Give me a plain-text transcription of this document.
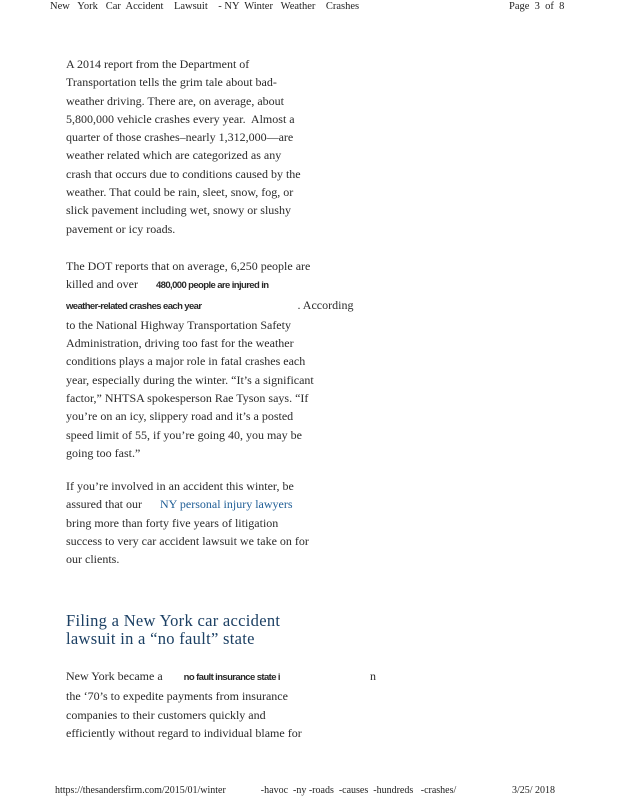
New   York   Car  Accident    Lawsuit    - NY  Winter   Weather    Crashes	Page  3  of  8
A 2014 report from the Department of
Transportation tells the grim tale about bad-
weather driving. There are, on average, about
5,800,000 vehicle crashes every year.  Almost a
quarter of those crashes–nearly 1,312,000—are
weather related which are categorized as any
crash that occurs due to conditions caused by the
weather. That could be rain, sleet, snow, fog, or
slick pavement including wet, snowy or slushy
pavement or icy roads.
The DOT reports that on average, 6,250 people are
killed and over      480,000 people are injured in
weather-related crashes each year                                . According
to the National Highway Transportation Safety
Administration, driving too fast for the weather
conditions plays a major role in fatal crashes each
year, especially during the winter. “It’s a significant
factor,” NHTSA spokesperson Rae Tyson says. “If
you’re on an icy, slippery road and it’s a posted
speed limit of 55, if you’re going 40, you may be
going too fast.”
If you’re involved in an accident this winter, be
assured that our      NY personal injury lawyers
bring more than forty five years of litigation
success to very car accident lawsuit we take on for
our clients.
Filing a New York car accident
lawsuit in a “no fault” state
New York became a       no fault insurance state i                              n
the ‘70’s to expedite payments from insurance
companies to their customers quickly and
efficiently without regard to individual blame for
https://thesandersfirm.com/2015/01/winter              -havoc  -ny -roads  -causes  -hundreds   -crashes/	3/25/ 2018
